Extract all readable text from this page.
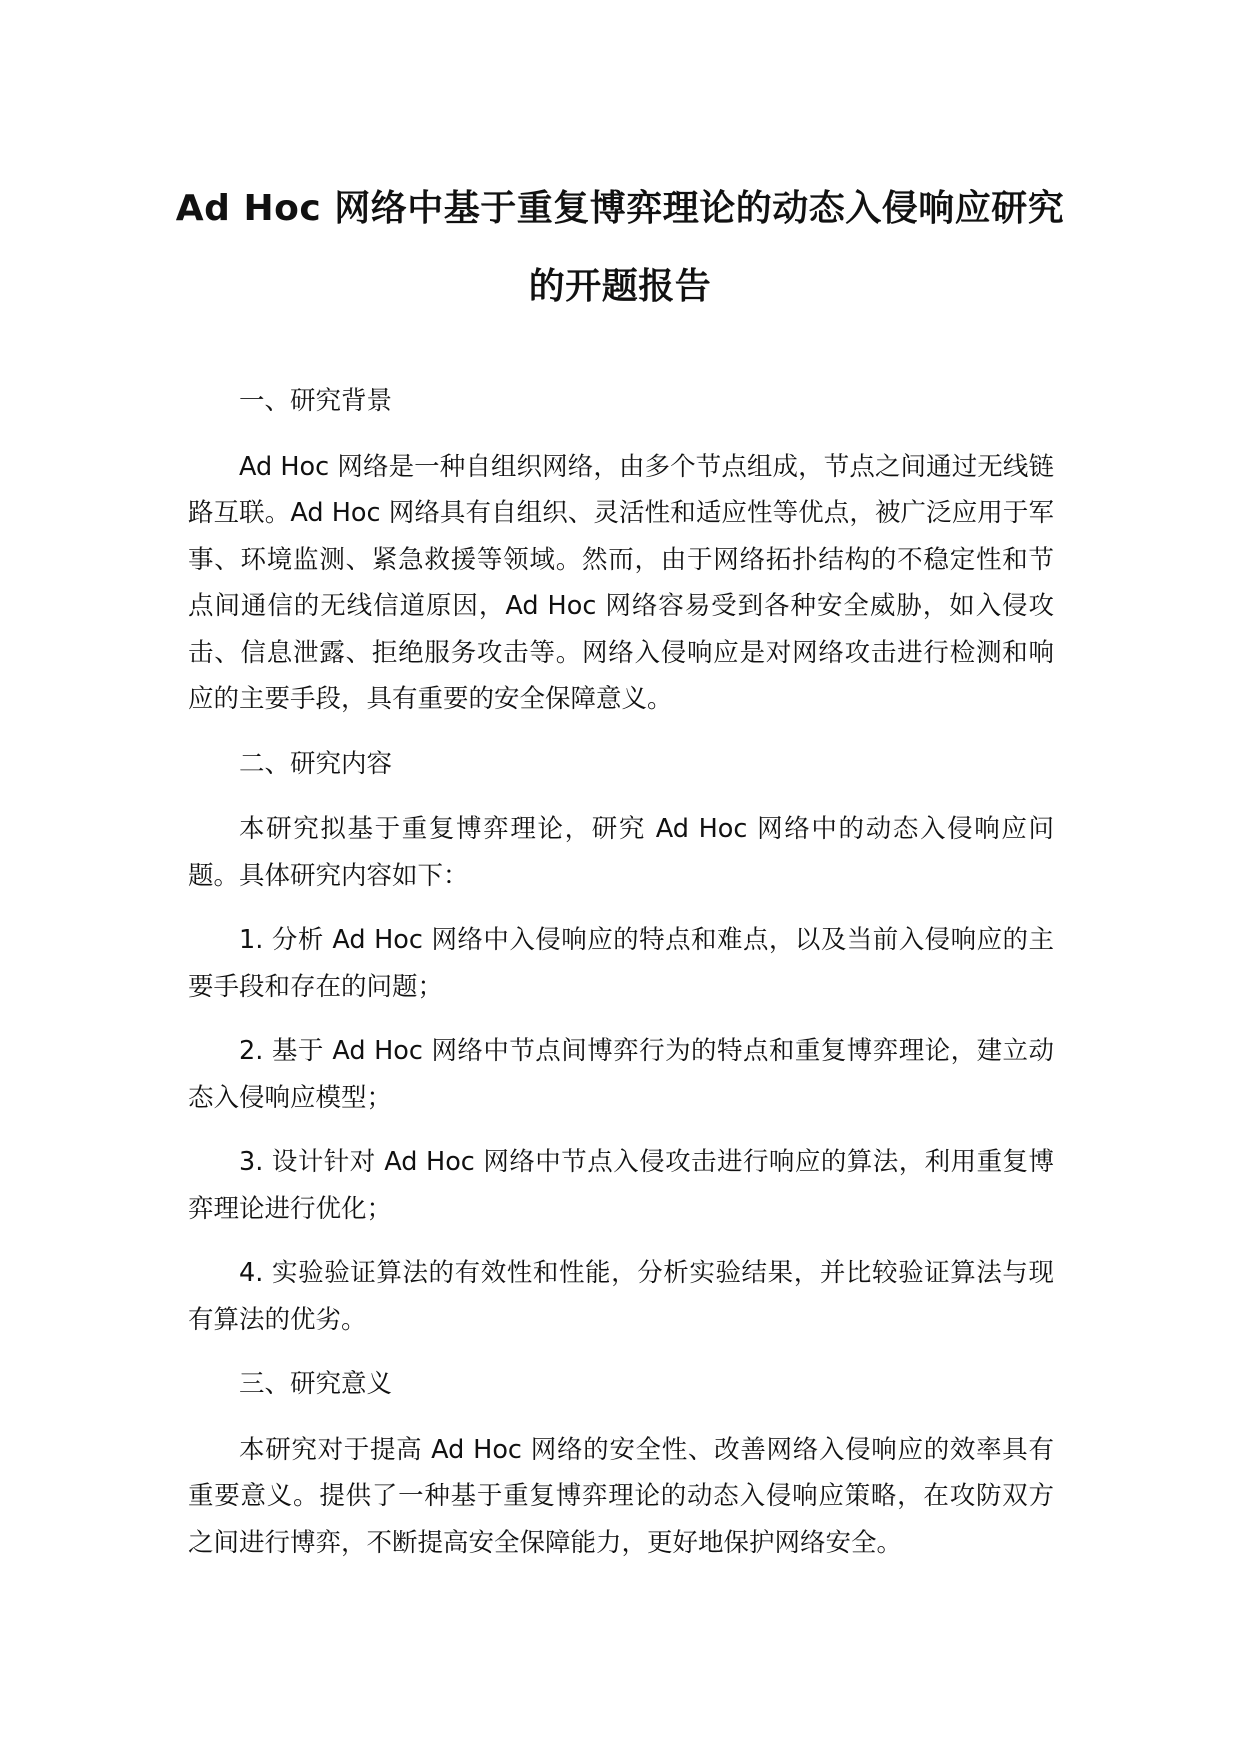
Ad Hoc 网络中基于重复博弈理论的动态入侵响应研究的开题报告

一、研究背景

Ad Hoc 网络是一种自组织网络，由多个节点组成，节点之间通过无线链路互联。Ad Hoc 网络具有自组织、灵活性和适应性等优点，被广泛应用于军事、环境监测、紧急救援等领域。然而，由于网络拓扑结构的不稳定性和节点间通信的无线信道原因，Ad Hoc 网络容易受到各种安全威胁，如入侵攻击、信息泄露、拒绝服务攻击等。网络入侵响应是对网络攻击进行检测和响应的主要手段，具有重要的安全保障意义。

二、研究内容

本研究拟基于重复博弈理论，研究 Ad Hoc 网络中的动态入侵响应问题。具体研究内容如下：

1. 分析 Ad Hoc 网络中入侵响应的特点和难点，以及当前入侵响应的主要手段和存在的问题；

2. 基于 Ad Hoc 网络中节点间博弈行为的特点和重复博弈理论，建立动态入侵响应模型；

3. 设计针对 Ad Hoc 网络中节点入侵攻击进行响应的算法，利用重复博弈理论进行优化；

4. 实验验证算法的有效性和性能，分析实验结果，并比较验证算法与现有算法的优劣。

三、研究意义

本研究对于提高 Ad Hoc 网络的安全性、改善网络入侵响应的效率具有重要意义。提供了一种基于重复博弈理论的动态入侵响应策略，在攻防双方之间进行博弈，不断提高安全保障能力，更好地保护网络安全。
